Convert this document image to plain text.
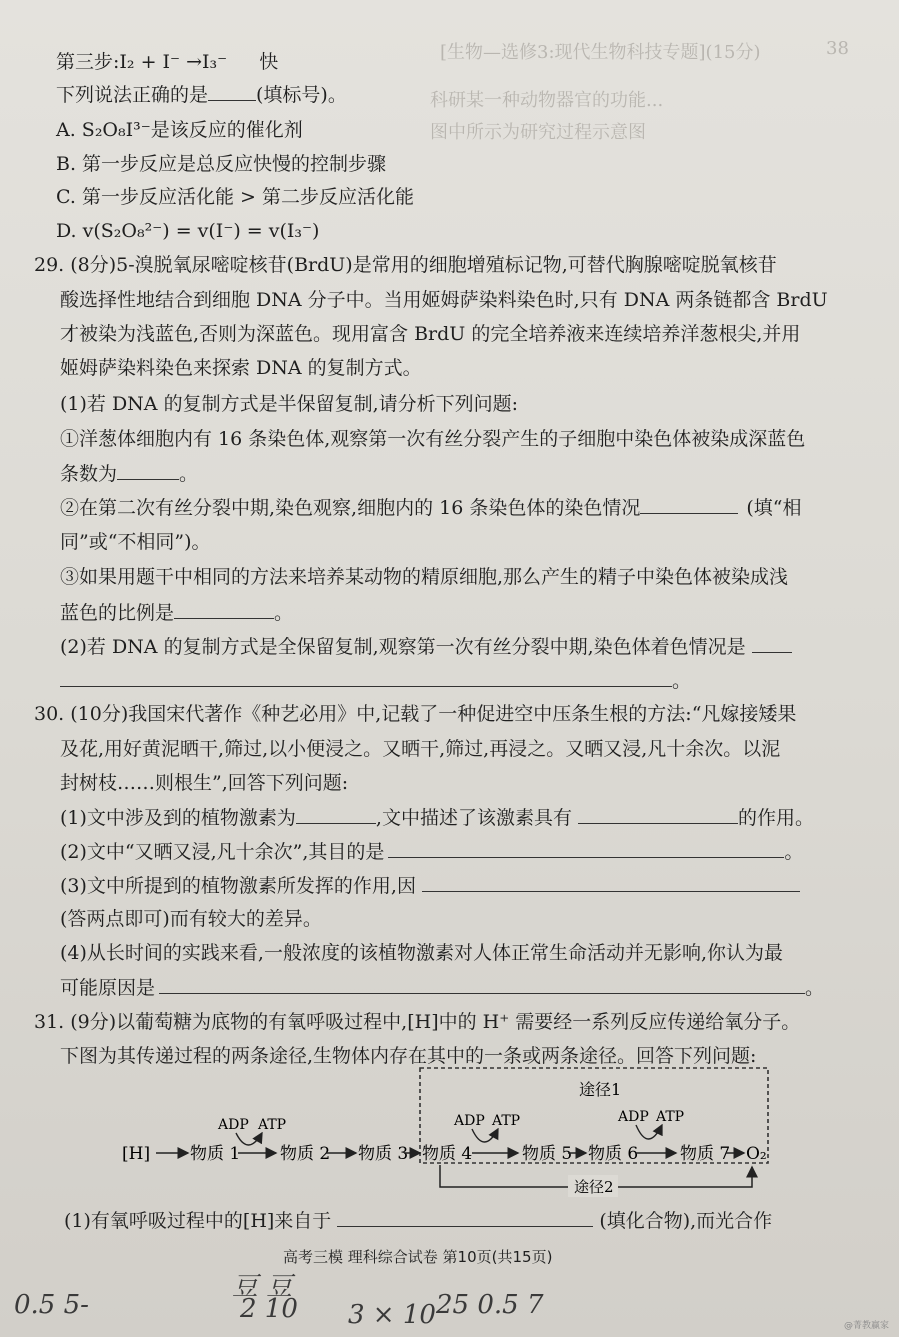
38
[生物—选修3:现代生物科技专题](15分)
科研某一种动物器官的功能...
图中所示为研究过程示意图
第三步:I₂ + I⁻ →I₃⁻ 快
下列说法正确的是	(填标号)。
A. S₂O₈I³⁻是该反应的催化剂
B. 第一步反应是总反应快慢的控制步骤
C. 第一步反应活化能 > 第二步反应活化能
D. v(S₂O₈²⁻) = v(I⁻) = v(I₃⁻)
29. (8分)5-溴脱氧尿嘧啶核苷(BrdU)是常用的细胞增殖标记物,可替代胸腺嘧啶脱氧核苷
酸选择性地结合到细胞 DNA 分子中。当用姬姆萨染料染色时,只有 DNA 两条链都含 BrdU
才被染为浅蓝色,否则为深蓝色。现用富含 BrdU 的完全培养液来连续培养洋葱根尖,并用
姬姆萨染料染色来探索 DNA 的复制方式。
(1)若 DNA 的复制方式是半保留复制,请分析下列问题:
①洋葱体细胞内有 16 条染色体,观察第一次有丝分裂产生的子细胞中染色体被染成深蓝色
条数为	。
②在第二次有丝分裂中期,染色观察,细胞内的 16 条染色体的染色情况	(填“相
同”或“不相同”)。
③如果用题干中相同的方法来培养某动物的精原细胞,那么产生的精子中染色体被染成浅
蓝色的比例是	。
(2)若 DNA 的复制方式是全保留复制,观察第一次有丝分裂中期,染色体着色情况是
。
30. (10分)我国宋代著作《种艺必用》中,记载了一种促进空中压条生根的方法:“凡嫁接矮果
及花,用好黄泥晒干,筛过,以小便浸之。又晒干,筛过,再浸之。又晒又浸,凡十余次。以泥
封树枝……则根生”,回答下列问题:
(1)文中涉及到的植物激素为	,文中描述了该激素具有	的作用。
(2)文中“又晒又浸,凡十余次”,其目的是	。
(3)文中所提到的植物激素所发挥的作用,因
(答两点即可)而有较大的差异。
(4)从长时间的实践来看,一般浓度的该植物激素对人体正常生命活动并无影响,你认为最
可能原因是	。
31. (9分)以葡萄糖为底物的有氧呼吸过程中,[H]中的 H⁺ 需要经一系列反应传递给氧分子。
下图为其传递过程的两条途径,生物体内存在其中的一条或两条途径。回答下列问题:
途径1
[H] 物质 1 物质 2 物质 3 物质 4	物质 5 物质 6 物质 7 O₂
ADP ATP	ADP ATP	ADP ATP
途径2
(1)有氧呼吸过程中的[H]来自于	(填化合物),而光合作
高考三模 理科综合试卷 第10页(共15页)
0.5 5-
豆 豆
2 10 3 × 10 25 0.5 7
@菁教赢家
